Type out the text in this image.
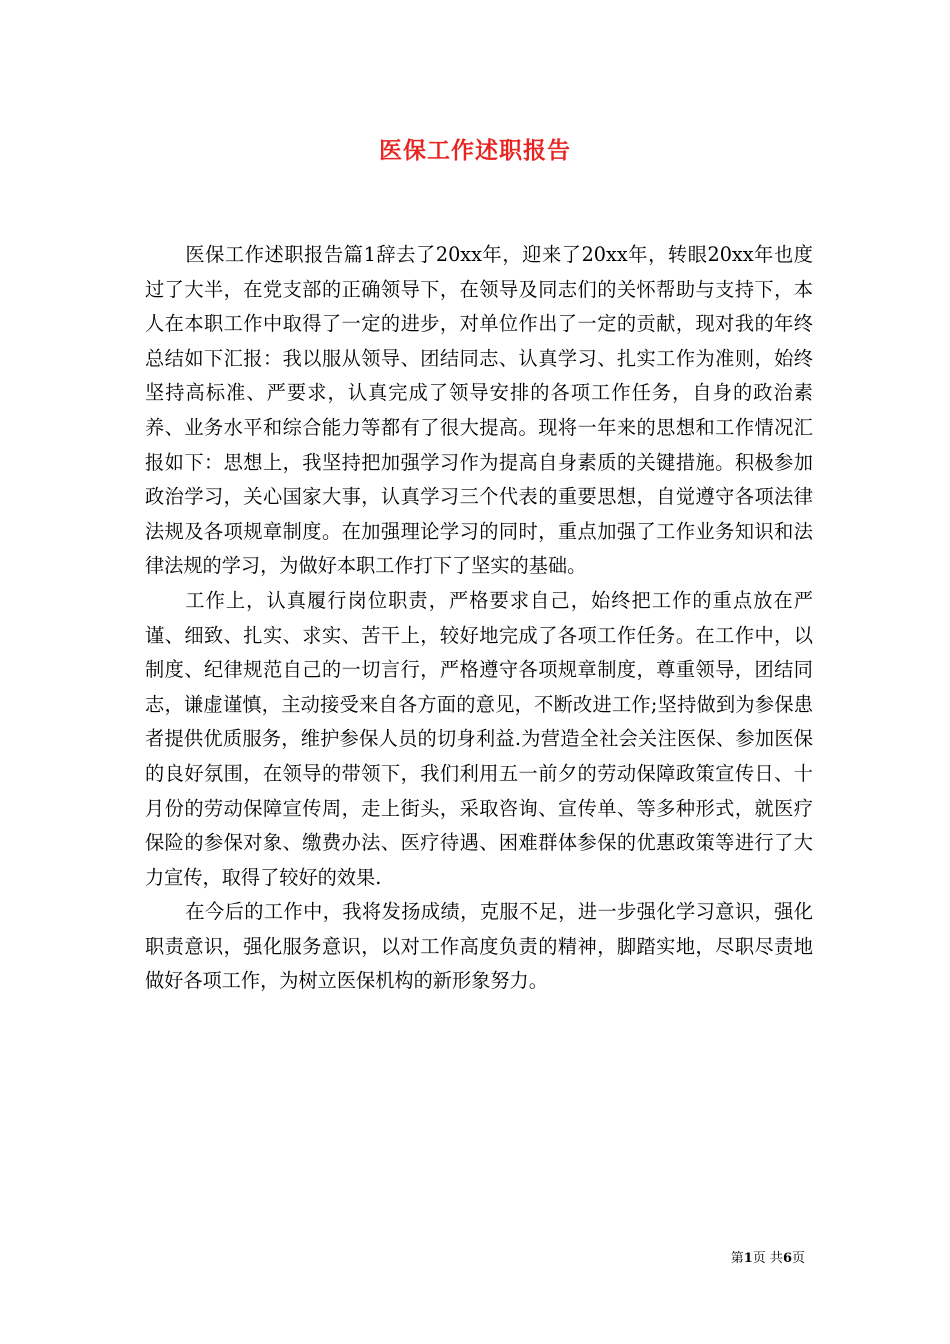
医保工作述职报告

医保工作述职报告篇1辞去了20xx年，迎来了20xx年，转眼20xx年也度过了大半，在党支部的正确领导下，在领导及同志们的关怀帮助与支持下，本人在本职工作中取得了一定的进步，对单位作出了一定的贡献，现对我的年终总结如下汇报：我以服从领导、团结同志、认真学习、扎实工作为准则，始终坚持高标准、严要求，认真完成了领导安排的各项工作任务，自身的政治素养、业务水平和综合能力等都有了很大提高。现将一年来的思想和工作情况汇报如下：思想上，我坚持把加强学习作为提高自身素质的关键措施。积极参加政治学习，关心国家大事，认真学习三个代表的重要思想，自觉遵守各项法律法规及各项规章制度。在加强理论学习的同时，重点加强了工作业务知识和法律法规的学习，为做好本职工作打下了坚实的基础。

工作上，认真履行岗位职责，严格要求自己，始终把工作的重点放在严谨、细致、扎实、求实、苦干上，较好地完成了各项工作任务。在工作中，以制度、纪律规范自己的一切言行，严格遵守各项规章制度，尊重领导，团结同志，谦虚谨慎，主动接受来自各方面的意见，不断改进工作;坚持做到为参保患者提供优质服务，维护参保人员的切身利益.为营造全社会关注医保、参加医保的良好氛围，在领导的带领下，我们利用五一前夕的劳动保障政策宣传日、十月份的劳动保障宣传周，走上街头，采取咨询、宣传单、等多种形式，就医疗保险的参保对象、缴费办法、医疗待遇、困难群体参保的优惠政策等进行了大力宣传，取得了较好的效果.

在今后的工作中，我将发扬成绩，克服不足，进一步强化学习意识，强化职责意识，强化服务意识，以对工作高度负责的精神，脚踏实地，尽职尽责地做好各项工作，为树立医保机构的新形象努力。

第1页 共6页
